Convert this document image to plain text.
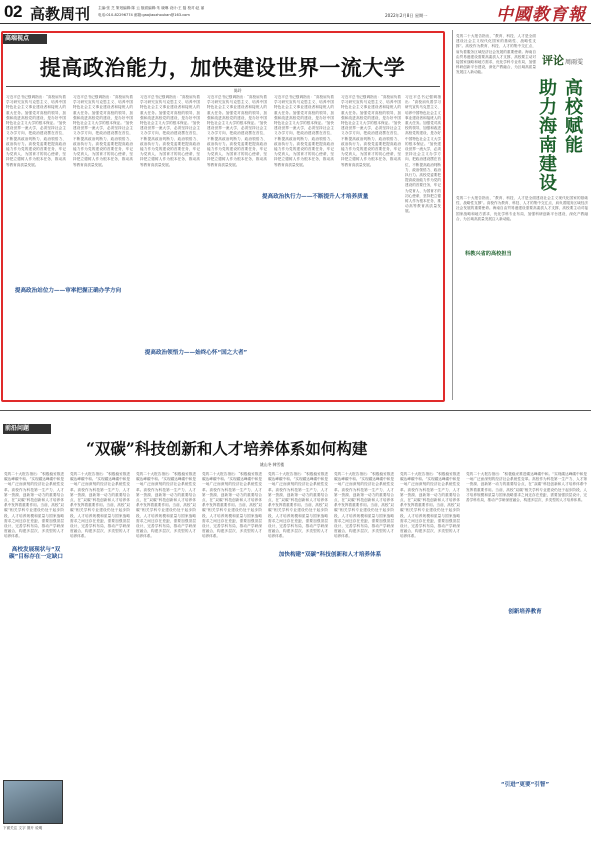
02 高教周刊 主编:张 芝 策划编辑:陈 云 版面编辑:朱 晓琳 设计:王 磊 校对:赵 丽
电话:010-82296774 邮箱:gaojiaozhoukan@163.com	2022年2月8日 星期一	中國教育報
高端视点
提高政治能力，加快建设世界一流大学
陈玲
习近平总书记强调指出：“高校肩负着学习研究宣传马克思主义、培养中国特色社会主义事业建设者和接班人的重大任务。加强党对高校的领导，加强和改进高校党的建设，是办好中国特色社会主义大学的根本保证。”加快建设世界一流大学，必须坚持社会主义办学方向，把政治建设摆在首位，不断提高政治判断力、政治领悟力、政治执行力。高校党委要把提高政治能力作为党的建设的首要任务，牢记为党育人、为国育才的初心使命，坚持把立德树人作为根本任务，推动高等教育高质量发展。
习近平总书记强调指出：“高校肩负着学习研究宣传马克思主义、培养中国特色社会主义事业建设者和接班人的重大任务。加强党对高校的领导，加强和改进高校党的建设，是办好中国特色社会主义大学的根本保证。”加快建设世界一流大学，必须坚持社会主义办学方向，把政治建设摆在首位，不断提高政治判断力、政治领悟力、政治执行力。高校党委要把提高政治能力作为党的建设的首要任务，牢记为党育人、为国育才的初心使命，坚持把立德树人作为根本任务，推动高等教育高质量发展。
习近平总书记强调指出：“高校肩负着学习研究宣传马克思主义、培养中国特色社会主义事业建设者和接班人的重大任务。加强党对高校的领导，加强和改进高校党的建设，是办好中国特色社会主义大学的根本保证。”加快建设世界一流大学，必须坚持社会主义办学方向，把政治建设摆在首位，不断提高政治判断力、政治领悟力、政治执行力。高校党委要把提高政治能力作为党的建设的首要任务，牢记为党育人、为国育才的初心使命，坚持把立德树人作为根本任务，推动高等教育高质量发展。
习近平总书记强调指出：“高校肩负着学习研究宣传马克思主义、培养中国特色社会主义事业建设者和接班人的重大任务。加强党对高校的领导，加强和改进高校党的建设，是办好中国特色社会主义大学的根本保证。”加快建设世界一流大学，必须坚持社会主义办学方向，把政治建设摆在首位，不断提高政治判断力、政治领悟力、政治执行力。高校党委要把提高政治能力作为党的建设的首要任务，牢记为党育人、为国育才的初心使命，坚持把立德树人作为根本任务，推动高等教育高质量发展。
习近平总书记强调指出：“高校肩负着学习研究宣传马克思主义、培养中国特色社会主义事业建设者和接班人的重大任务。加强党对高校的领导，加强和改进高校党的建设，是办好中国特色社会主义大学的根本保证。”加快建设世界一流大学，必须坚持社会主义办学方向，把政治建设摆在首位，不断提高政治判断力、政治领悟力、政治执行力。高校党委要把提高政治能力作为党的建设的首要任务，牢记为党育人、为国育才的初心使命，坚持把立德树人作为根本任务，推动高等教育高质量发展。
习近平总书记强调指出：“高校肩负着学习研究宣传马克思主义、培养中国特色社会主义事业建设者和接班人的重大任务。加强党对高校的领导，加强和改进高校党的建设，是办好中国特色社会主义大学的根本保证。”加快建设世界一流大学，必须坚持社会主义办学方向，把政治建设摆在首位，不断提高政治判断力、政治领悟力、政治执行力。高校党委要把提高政治能力作为党的建设的首要任务，牢记为党育人、为国育才的初心使命，坚持把立德树人作为根本任务，推动高等教育高质量发展。
习近平总书记强调指出：“高校肩负着学习研究宣传马克思主义、培养中国特色社会主义事业建设者和接班人的重大任务。加强党对高校的领导，加强和改进高校党的建设，是办好中国特色社会主义大学的根本保证。”加快建设世界一流大学，必须坚持社会主义办学方向，把政治建设摆在首位，不断提高政治判断力、政治领悟力、政治执行力。高校党委要把提高政治能力作为党的建设的首要任务，牢记为党育人、为国育才的初心使命，坚持把立德树人作为根本任务，推动高等教育高质量发展。
提高政治执行力——不断提升人才培养质量
提高政治站位力——审率把握正确办学方向
提高政治领悟力——始终心怀“国之大者”
党的二十大报告指出，“教育、科技、人才是全面建设社会主义现代化国家的基础性、战略性支撑”。高校作为教育、科技、人才的集中交汇点，肩负着服务区域经济社会发展的重要使命。海南自由贸易港建设需要高素质人才支撑，高校要主动对接国家战略和地方需求，优化学科专业布局，加强科研创新平台建设，深化产教融合，为区域高质量发展注入新动能。
评论周雨雯
高校赋能
助力海南建设
党的二十大报告指出，“教育、科技、人才是全面建设社会主义现代化国家的基础性、战略性支撑”。高校作为教育、科技、人才的集中交汇点，肩负着服务区域经济社会发展的重要使命。海南自由贸易港建设需要高素质人才支撑，高校要主动对接国家战略和地方需求，优化学科专业布局，加强科研创新平台建设，深化产教融合，为区域高质量发展注入新动能。
科教兴省的高校担当
前沿问题
“双碳”科技创新和人才培养体系如何构建
姚山冬 韩雪楼
党的二十大报告指出：“积极稳妥推进碳达峰碳中和。”实现碳达峰碳中和是一场广泛而深刻的经济社会系统性变革。高校作为科技第一生产力、人才第一资源、创新第一动力的重要结合点，在“双碳”科技创新和人才培养体系中发挥着重要作用。当前，高校“双碳”相关学科专业建设仍处于起步阶段，人才培养规模和质量与国家战略需求之间还存在差距，需要加强顶层设计，完善学科布局，推动产学研深度融合，构建多层次、多类型的人才培养体系。
党的二十大报告指出：“积极稳妥推进碳达峰碳中和。”实现碳达峰碳中和是一场广泛而深刻的经济社会系统性变革。高校作为科技第一生产力、人才第一资源、创新第一动力的重要结合点，在“双碳”科技创新和人才培养体系中发挥着重要作用。当前，高校“双碳”相关学科专业建设仍处于起步阶段，人才培养规模和质量与国家战略需求之间还存在差距，需要加强顶层设计，完善学科布局，推动产学研深度融合，构建多层次、多类型的人才培养体系。
党的二十大报告指出：“积极稳妥推进碳达峰碳中和。”实现碳达峰碳中和是一场广泛而深刻的经济社会系统性变革。高校作为科技第一生产力、人才第一资源、创新第一动力的重要结合点，在“双碳”科技创新和人才培养体系中发挥着重要作用。当前，高校“双碳”相关学科专业建设仍处于起步阶段，人才培养规模和质量与国家战略需求之间还存在差距，需要加强顶层设计，完善学科布局，推动产学研深度融合，构建多层次、多类型的人才培养体系。
党的二十大报告指出：“积极稳妥推进碳达峰碳中和。”实现碳达峰碳中和是一场广泛而深刻的经济社会系统性变革。高校作为科技第一生产力、人才第一资源、创新第一动力的重要结合点，在“双碳”科技创新和人才培养体系中发挥着重要作用。当前，高校“双碳”相关学科专业建设仍处于起步阶段，人才培养规模和质量与国家战略需求之间还存在差距，需要加强顶层设计，完善学科布局，推动产学研深度融合，构建多层次、多类型的人才培养体系。
党的二十大报告指出：“积极稳妥推进碳达峰碳中和。”实现碳达峰碳中和是一场广泛而深刻的经济社会系统性变革。高校作为科技第一生产力、人才第一资源、创新第一动力的重要结合点，在“双碳”科技创新和人才培养体系中发挥着重要作用。当前，高校“双碳”相关学科专业建设仍处于起步阶段，人才培养规模和质量与国家战略需求之间还存在差距，需要加强顶层设计，完善学科布局，推动产学研深度融合，构建多层次、多类型的人才培养体系。
党的二十大报告指出：“积极稳妥推进碳达峰碳中和。”实现碳达峰碳中和是一场广泛而深刻的经济社会系统性变革。高校作为科技第一生产力、人才第一资源、创新第一动力的重要结合点，在“双碳”科技创新和人才培养体系中发挥着重要作用。当前，高校“双碳”相关学科专业建设仍处于起步阶段，人才培养规模和质量与国家战略需求之间还存在差距，需要加强顶层设计，完善学科布局，推动产学研深度融合，构建多层次、多类型的人才培养体系。
党的二十大报告指出：“积极稳妥推进碳达峰碳中和。”实现碳达峰碳中和是一场广泛而深刻的经济社会系统性变革。高校作为科技第一生产力、人才第一资源、创新第一动力的重要结合点，在“双碳”科技创新和人才培养体系中发挥着重要作用。当前，高校“双碳”相关学科专业建设仍处于起步阶段，人才培养规模和质量与国家战略需求之间还存在差距，需要加强顶层设计，完善学科布局，推动产学研深度融合，构建多层次、多类型的人才培养体系。
党的二十大报告指出：“积极稳妥推进碳达峰碳中和。”实现碳达峰碳中和是一场广泛而深刻的经济社会系统性变革。高校作为科技第一生产力、人才第一资源、创新第一动力的重要结合点，在“双碳”科技创新和人才培养体系中发挥着重要作用。当前，高校“双碳”相关学科专业建设仍处于起步阶段，人才培养规模和质量与国家战略需求之间还存在差距，需要加强顶层设计，完善学科布局，推动产学研深度融合，构建多层次、多类型的人才培养体系。
高校发展现状与“双碳”目标存在一定缺口	加快构建“双碳”科技创新和人才培养体系
创新培养教育
“引进”更要“引智”
下面关注 文字 图片 说明
